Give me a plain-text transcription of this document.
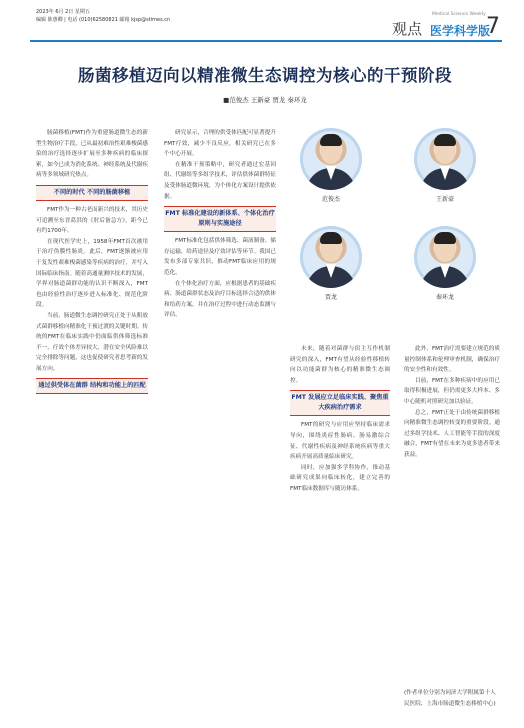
2023年 6月 2日 星期五
编辑 陈惠卿 | 电话 (010)62580821 邮箱 kjsp@stimes.cn
Medical Science Weekly
观点 医学科学版
7
肠菌移植迈向以精准微生态调控为核心的干预阶段
■范俊杰 王新豪 贾龙 秦环龙

肠菌移植(FMT)作为重建肠道微生态的新型生物治疗手段，已从最初难治性艰难梭菌感染的治疗选择逐步扩展至多种疾病的临床探索，如今已成为消化系统、神经系统及代谢疾病等多领域研究热点。

不同的时代 不同的肠菌移植

FMT作为一种古老而新兴的技术，其历史可追溯至东晋葛洪的《肘后备急方》，距今已有约1700年。

在现代医学史上，1958年FMT首次被用于治疗伪膜性肠炎。此后，FMT逐渐被应用于复发性艰难梭菌感染等疾病的治疗，并写入国际临床指南。随着高通量测序技术的发展，学界对肠道菌群功能的认识不断深入，FMT也由经验性治疗逐步进入标准化、规范化阶段。

当前，肠道微生态调控研究正处于从粗放式菌群移植向精准化干预过渡的关键时期。传统的FMT在临床实践中仍面临供体筛选标准不一、疗效个体差异较大、潜在安全风险难以完全排除等问题，这也促使研究者思考新的发展方向。

通过供受体在菌群 结构和功能上的匹配

研究显示，合理的供受体匹配可显著提升FMT疗效，减少不良反应，相关研究已在多个中心开展。

在精准干预策略中，研究者通过宏基因组、代谢组等多组学技术，评估供体菌群特征及受体肠道微环境，为个体化方案设计提供依据。

FMT 标准化建设的新体系、个体化治疗原则与实施途径

FMT标准化包括供体筛选、菌液制备、储存运输、给药途径及疗效评估等环节。我国已发布多部专家共识，推动FMT临床应用的规范化。

在个体化治疗方面，应根据患者的基础疾病、肠道菌群状态及治疗目标选择合适的供体和给药方案，并在治疗过程中进行动态监测与评估。

范俊杰	王新豪
贾龙	秦环龙

未来，随着对菌群与宿主互作机制研究的深入，FMT有望从经验性移植转向以功能菌群为核心的精准微生态调控。

FMT 发展应立足临床实践、聚焦重大疾病治疗需求

FMT的研究与应用应坚持临床需求导向，围绕炎症性肠病、肠易激综合征、代谢性疾病及神经系统疾病等重大疾病开展高质量临床研究。

同时，应加强多学科协作，推动基础研究成果向临床转化，建立完善的FMT临床数据库与随访体系。

此外，FMT治疗需要建立规范的质量控制体系和伦理审查机制，确保治疗的安全性和有效性。

目前，FMT在多种疾病中的应用已取得积极进展，但仍需更多大样本、多中心随机对照研究加以验证。

总之，FMT正处于由传统菌群移植向精准微生态调控转变的重要阶段。通过多组学技术、人工智能等手段的深度融合，FMT有望在未来为更多患者带来获益。

(作者单位分别为同济大学附属第十人民医院、上海市肠道微生态移植中心)
